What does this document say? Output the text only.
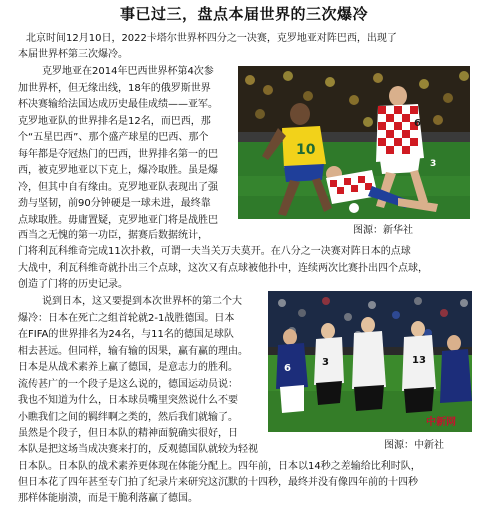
事已过三，盘点本届世界的三次爆冷
北京时间12月10日，2022卡塔尔世界杯四分之一决赛，克罗地亚对阵巴西，出现了
本届世界杯第三次爆冷。
克罗地亚在2014年巴西世界杯第4次参
加世界杯，但无缘出线，18年的俄罗斯世界
杯决赛输给法国达成历史最佳成绩——亚军。
克罗地亚队的世界排名是12名，而巴西，那
个“五星巴西”、那个盛产球星的巴西、那个
每年都是夺冠热门的巴西，世界排名第一的巴
西，被克罗地亚以下克上，爆冷取胜。虽是爆
冷，但其中自有缘由。克罗地亚队表现出了强
劲与坚韧，前90分钟硬是一球未进，最终靠
点球取胜。毋庸置疑，克罗地亚门将是战胜巴
西当之无愧的第一功臣，据赛后数据统计，	图源：新华社
10
6
3
门将利瓦科维奇完成11次扑救，可谓一夫当关万夫莫开。在八分之一决赛对阵日本的点球
大战中，利瓦科维奇就扑出三个点球，这次又有点球被他扑中，连续两次比赛扑出四个点球，
创造了门将的历史记录。
说到日本，这又要提到本次世界杯的第二个大
爆冷：日本在死亡之组首轮就2-1战胜德国。日本
在FIFA的世界排名为24名，与11名的德国足球队
相去甚远。但同样，输有输的因果，赢有赢的理由。
日本是从战术素养上赢了德国，是意志力的胜利。
流传甚广的一个段子是这么说的，德国运动员说：
我也不知道为什么，日本球员嘴里突然说什么不要
小瞧我们之间的羁绊啊之类的，然后我们就输了。
虽然是个段子，但日本队的精神面貌确实很好，日
本队是把这场当成决赛来打的，反观德国队就较为轻视	图源：中新社
6
3	13
中新网
日本队。日本队的战术素养更体现在体能分配上。四年前，日本以14秒之差输给比利时队，
但日本花了四年甚至专门拍了纪录片来研究这沉默的十四秒，最终并没有像四年前的十四秒
那样体能崩溃，而是干脆利落赢了德国。
